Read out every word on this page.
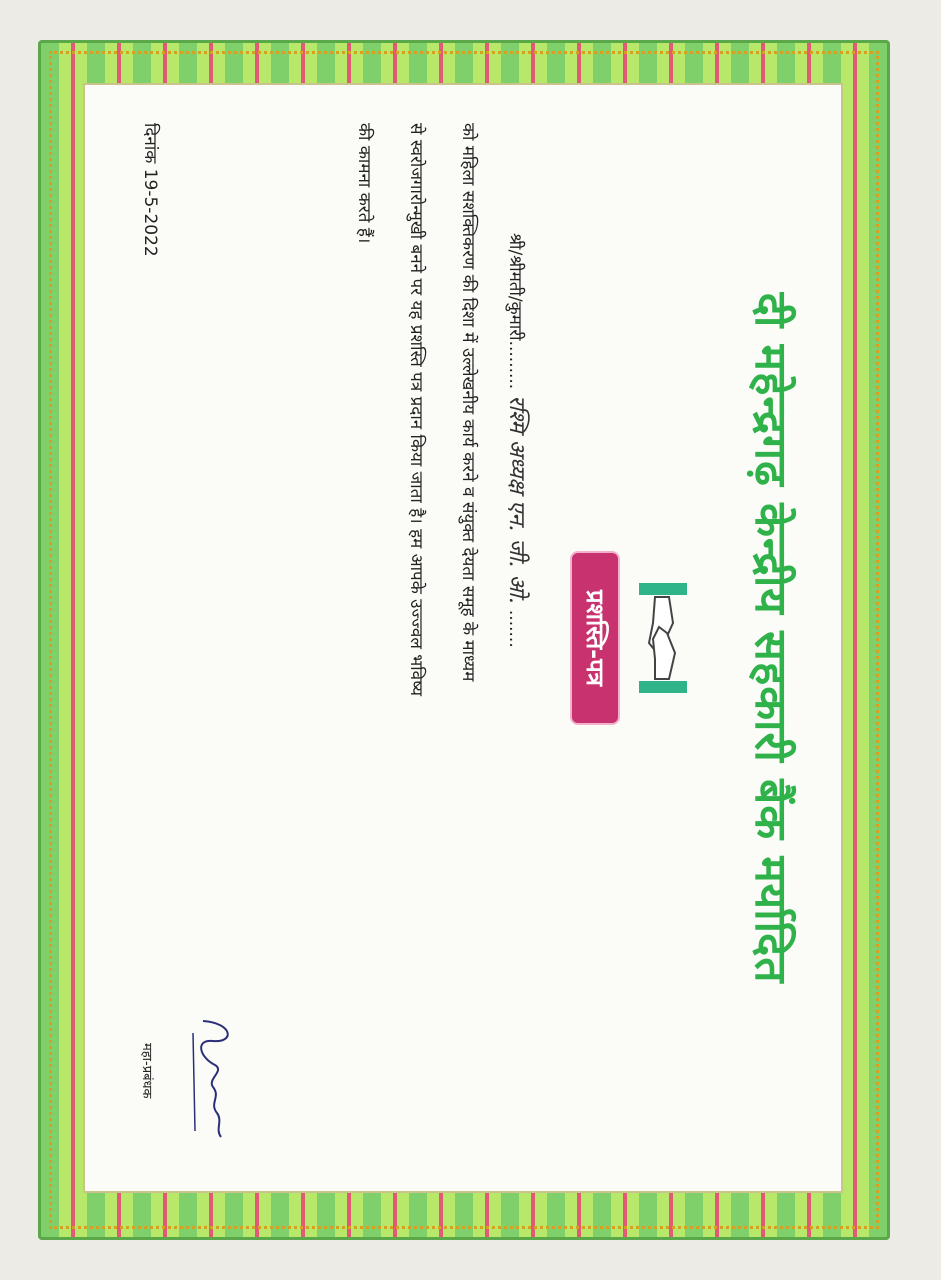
दी महेन्द्रगढ़ केन्द्रीय सहकारी बैंक मर्यादित
प्रशस्ति-पत्र
श्री/श्रीमती/कुमारी.........रश्मि अध्यक्ष एन. जी. ओ........
को महिला सशक्तिकरण की दिशा में उल्लेखनीय कार्य करने व संयुक्त देयता समूह के माध्यम
से स्वरोजगारोन्मुखी बनने पर यह प्रशस्ति पत्र प्रदान किया जाता है। हम आपके उज्ज्वल भविष्य
की कामना करते हैं।
दिनांक 19-5-2022
महा-प्रबंधक
